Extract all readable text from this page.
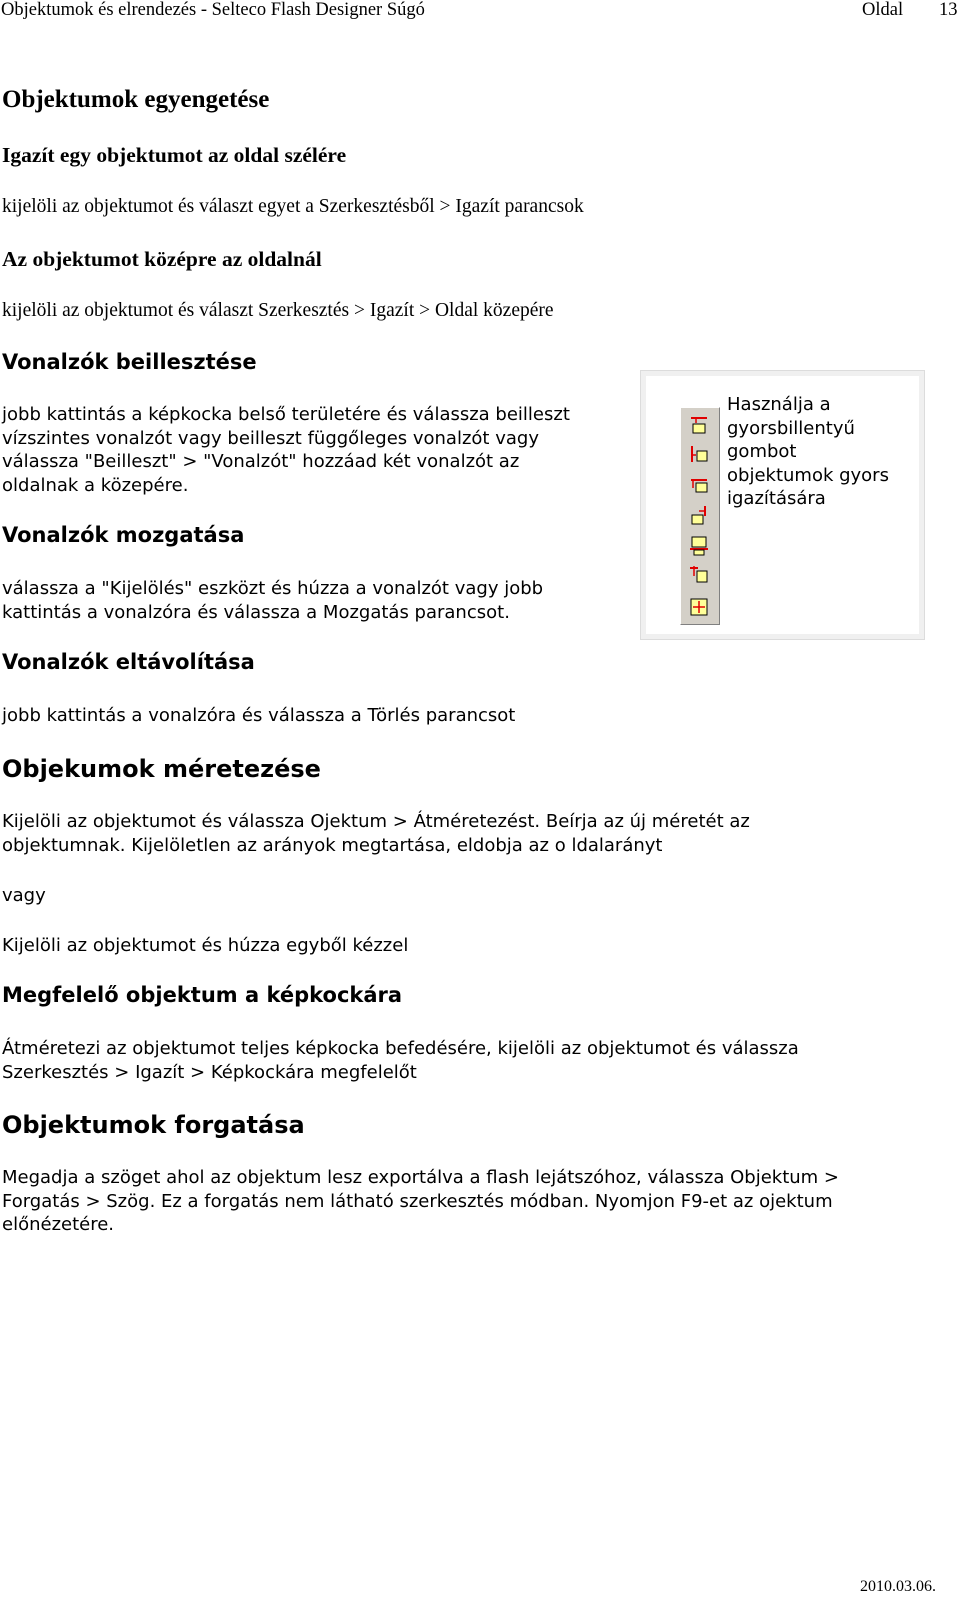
Objektumok és elrendezés - Selteco Flash Designer Súgó	Oldal 13
Objektumok egyengetése
Igazít egy objektumot az oldal szélére
kijelöli az objektumot és választ egyet a Szerkesztésből > Igazít parancsok
Az objektumot középre az oldalnál
kijelöli az objektumot és választ Szerkesztés > Igazít > Oldal közepére
Vonalzók beillesztése
jobb kattintás a képkocka belső területére és válassza beilleszt
vízszintes vonalzót vagy beilleszt függőleges vonalzót vagy
válassza "Beilleszt" > "Vonalzót" hozzáad két vonalzót az
oldalnak a közepére.
Vonalzók mozgatása
válassza a "Kijelölés" eszközt és húzza a vonalzót vagy jobb
kattintás a vonalzóra és válassza a Mozgatás parancsot.
Vonalzók eltávolítása
jobb kattintás a vonalzóra és válassza a Törlés parancsot
Objekumok méretezése
Kijelöli az objektumot és válassza Ojektum > Átméretezést. Beírja az új méretét az
objektumnak. Kijelöletlen az arányok megtartása, eldobja az o ldalarányt
vagy
Kijelöli az objektumot és húzza egyből kézzel
Megfelelő objektum a képkockára
Átméretezi az objektumot teljes képkocka befedésére, kijelöli az objektumot és válassza
Szerkesztés > Igazít > Képkockára megfelelőt
Objektumok forgatása
Megadja a szöget ahol az objektum lesz exportálva a flash lejátszóhoz, válassza Objektum >
Forgatás > Szög. Ez a forgatás nem látható szerkesztés módban. Nyomjon F9-et az ojektum
előnézetére.
Használja a
gyorsbillentyű
gombot
objektumok gyors
igazítására
2010.03.06.
